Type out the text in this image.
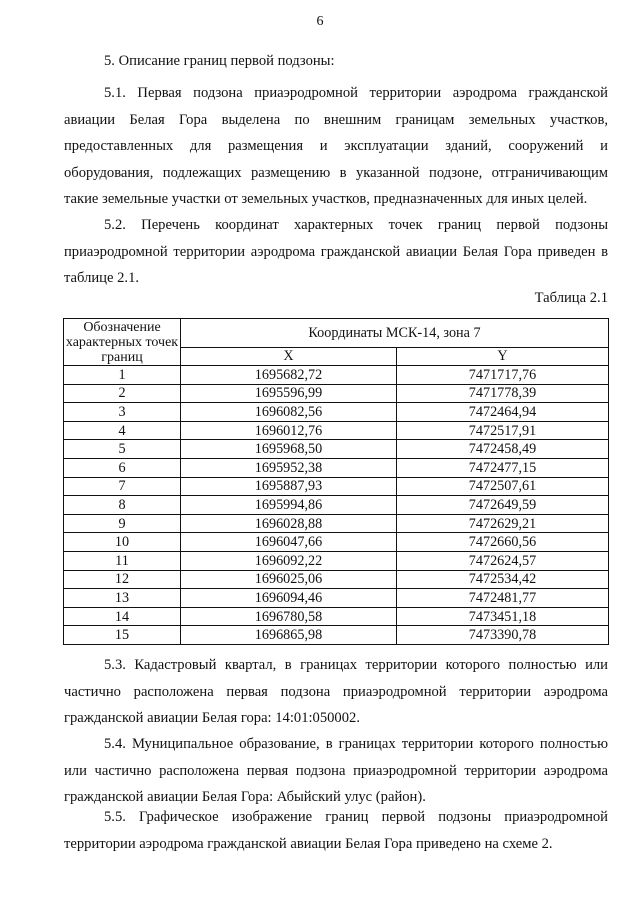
6

5. Описание границ первой подзоны:

5.1. Первая подзона приаэродромной территории аэродрома гражданской авиации Белая Гора выделена по внешним границам земельных участков, предоставленных для размещения и эксплуатации зданий, сооружений и оборудования, подлежащих размещению в указанной подзоне, отграничивающим такие земельные участки от земельных участков, предназначенных для иных целей.

5.2. Перечень координат характерных точек границ первой подзоны приаэродромной территории аэродрома гражданской авиации Белая Гора приведен в таблице 2.1.

Таблица 2.1
Обозначение характерных точек границ	Координаты МСК-14, зона 7	
	X	Y
1	1695682,72	7471717,76
2	1695596,99	7471778,39
3	1696082,56	7472464,94
4	1696012,76	7472517,91
5	1695968,50	7472458,49
6	1695952,38	7472477,15
7	1695887,93	7472507,61
8	1695994,86	7472649,59
9	1696028,88	7472629,21
10	1696047,66	7472660,56
11	1696092,22	7472624,57
12	1696025,06	7472534,42
13	1696094,46	7472481,77
14	1696780,58	7473451,18
15	1696865,98	7473390,78

5.3. Кадастровый квартал, в границах территории которого полностью или частично расположена первая подзона приаэродромной территории аэродрома гражданской авиации Белая гора: 14:01:050002.

5.4. Муниципальное образование, в границах территории которого полностью или частично расположена первая подзона приаэродромной территории аэродрома гражданской авиации Белая Гора: Абыйский улус (район).

5.5. Графическое изображение границ первой подзоны приаэродромной территории аэродрома гражданской авиации Белая Гора приведено на схеме 2.
